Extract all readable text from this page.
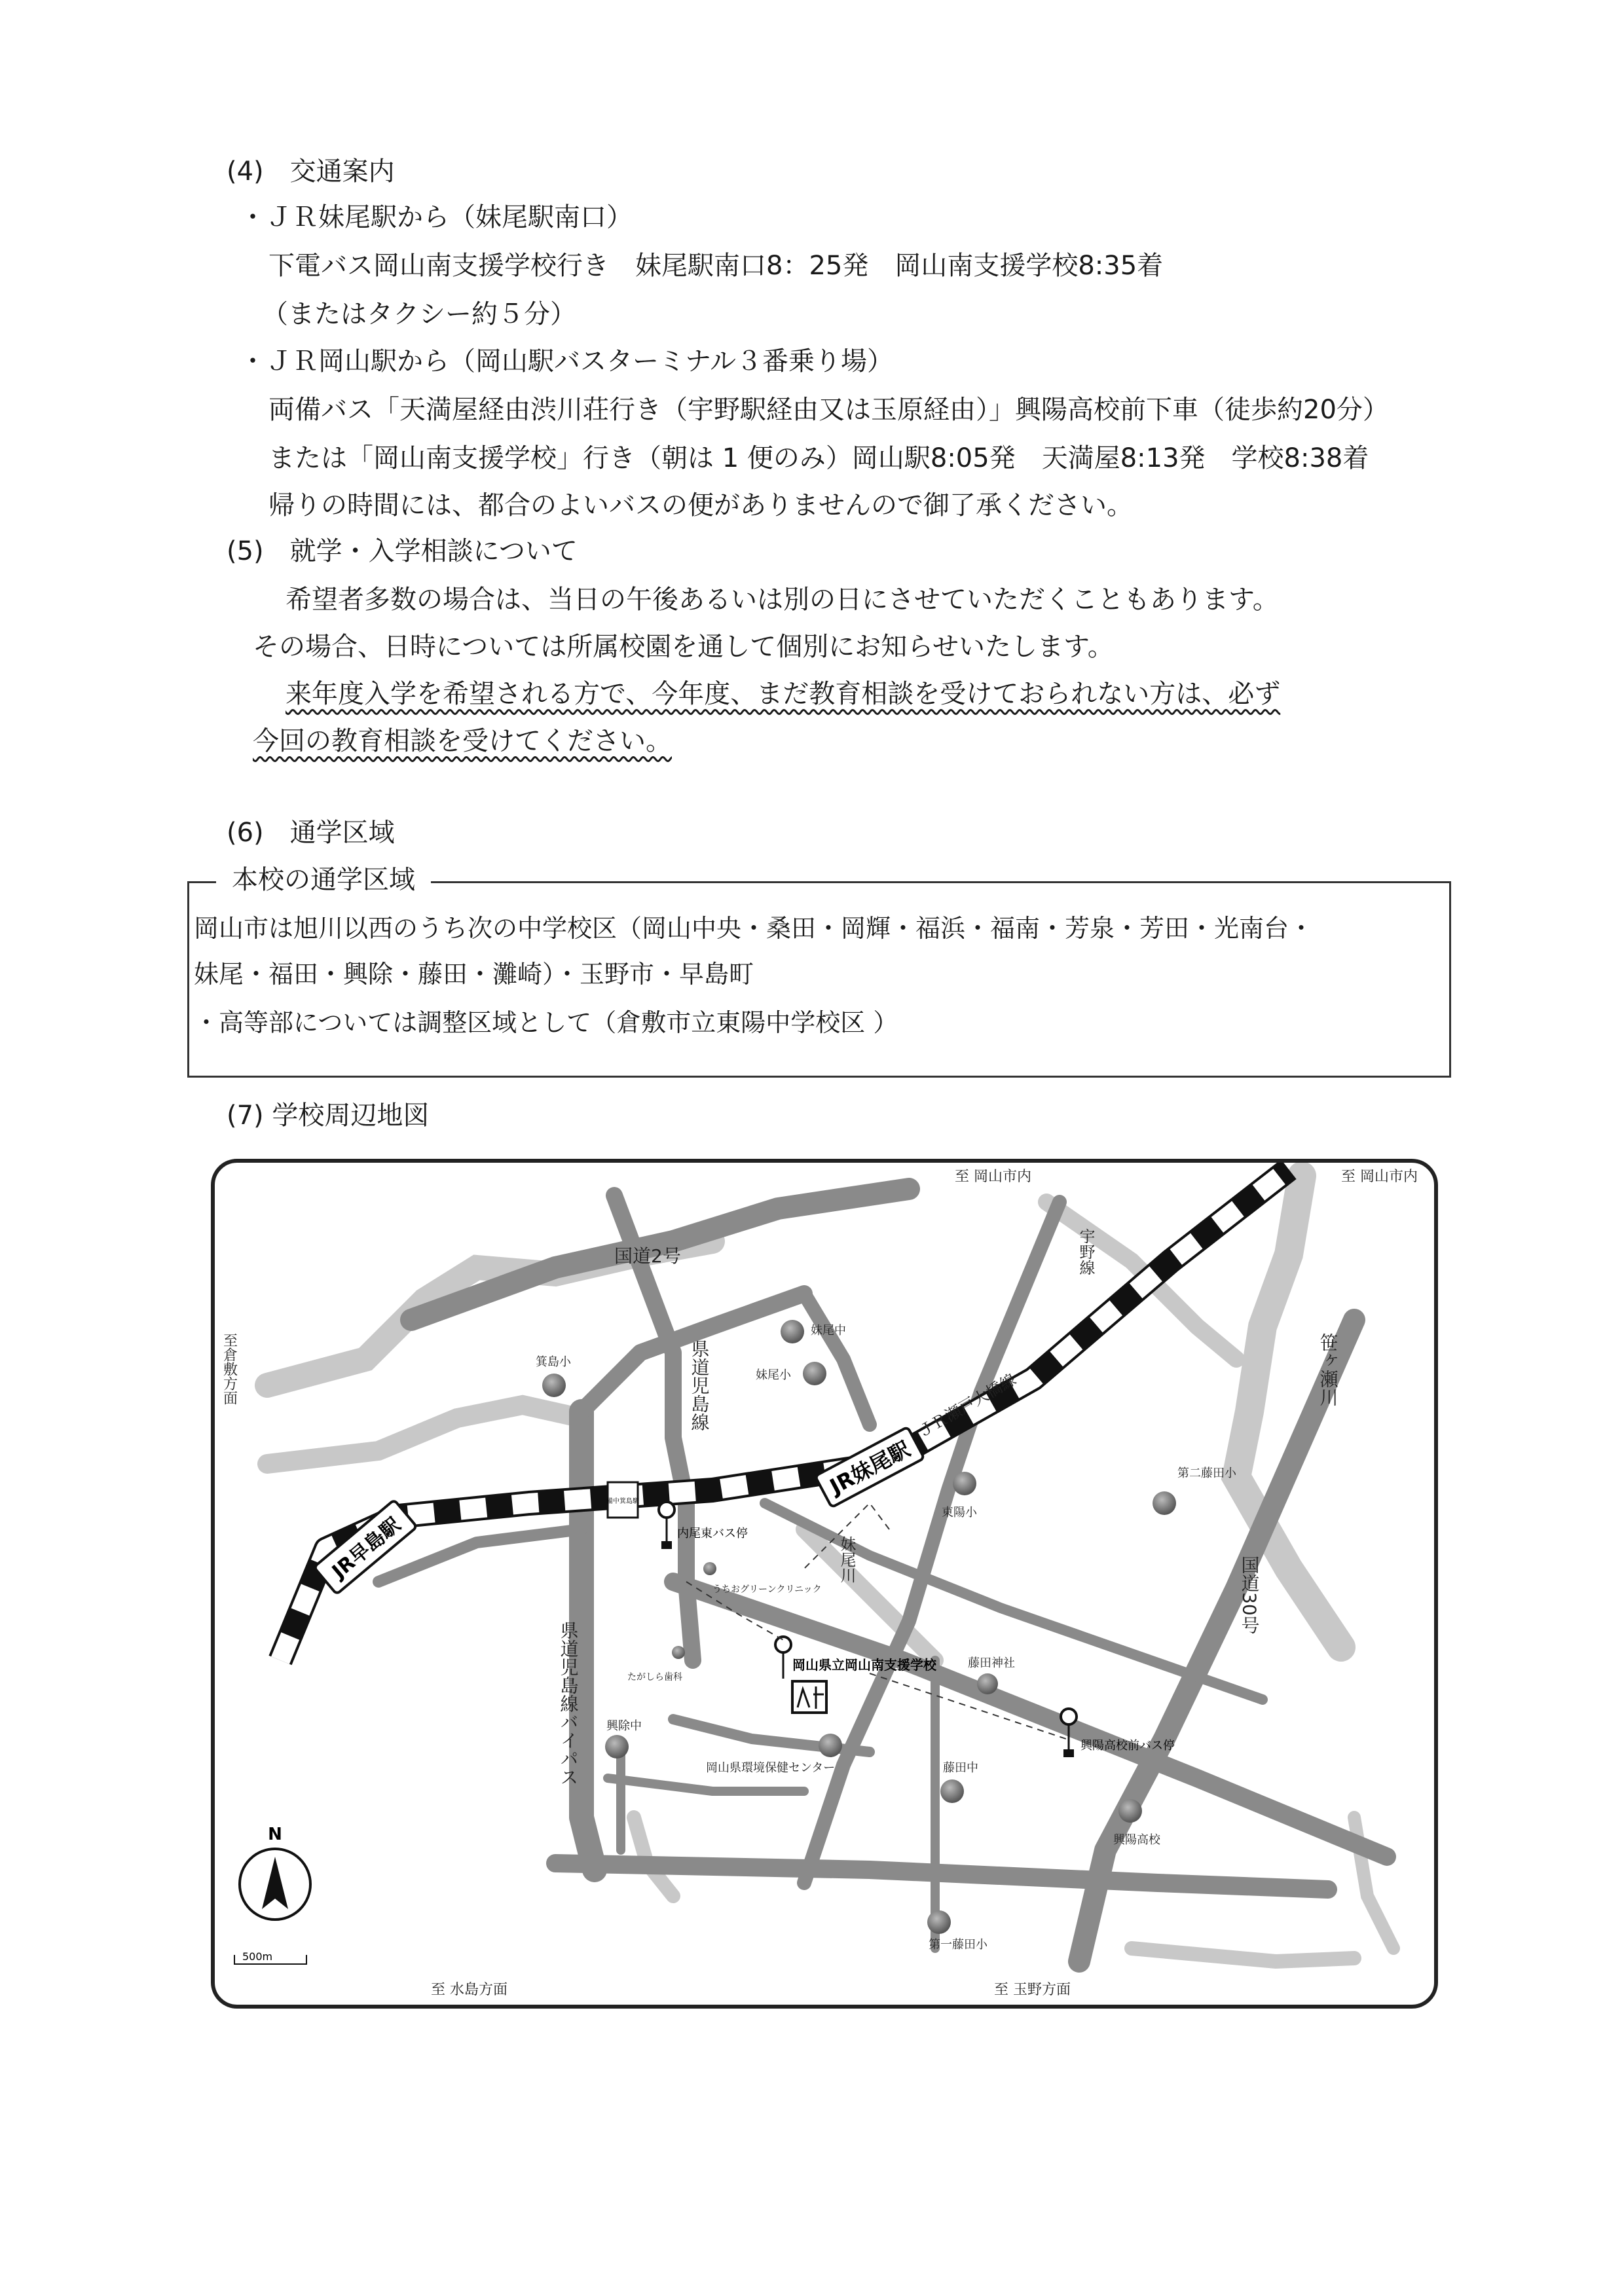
(4)　交通案内
・ＪＲ妹尾駅から（妹尾駅南口）
下電バス岡山南支援学校行き　妹尾駅南口8：25発　岡山南支援学校8:35着
（またはタクシー約５分）
・ＪＲ岡山駅から（岡山駅バスターミナル３番乗り場）
両備バス「天満屋経由渋川荘行き（宇野駅経由又は玉原経由）」興陽高校前下車（徒歩約20分）
または「岡山南支援学校」行き（朝は 1 便のみ）岡山駅8:05発　天満屋8:13発　学校8:38着
帰りの時間には、都合のよいバスの便がありませんので御了承ください。
(5)　就学・入学相談について
希望者多数の場合は、当日の午後あるいは別の日にさせていただくこともあります。
その場合、日時については所属校園を通して個別にお知らせいたします。
来年度入学を希望される方で、今年度、まだ教育相談を受けておられない方は、必ず
今回の教育相談を受けてください。
(6)　通学区域
本校の通学区域
岡山市は旭川以西のうち次の中学校区（岡山中央・桑田・岡輝・福浜・福南・芳泉・芳田・光南台・
妹尾・福田・興除・藤田・灘崎）・玉野市・早島町
・高等部については調整区域として（倉敷市立東陽中学校区 ）
(7) 学校周辺地図
JR妹尾駅
JR早島駅
備中箕島駅
国道2号
県道児島線
県道児島線バイパス
国道30号
笹ヶ瀬川
ＪＲ瀬戸大橋線
宇野線
妹尾川
至 岡山市内	至 岡山市内
至倉敷方面
至 水島方面	至 玉野方面
妹尾中
妹尾小
箕島小
東陽小
第二藤田小
藤田神社
興除中
岡山県環境保健センター	藤田中
興陽高校
第一藤田小
たがしら歯科
うちおグリーンクリニック
内尾東バス停
興陽高校前バス停
岡山県立岡山南支援学校
N
500m
